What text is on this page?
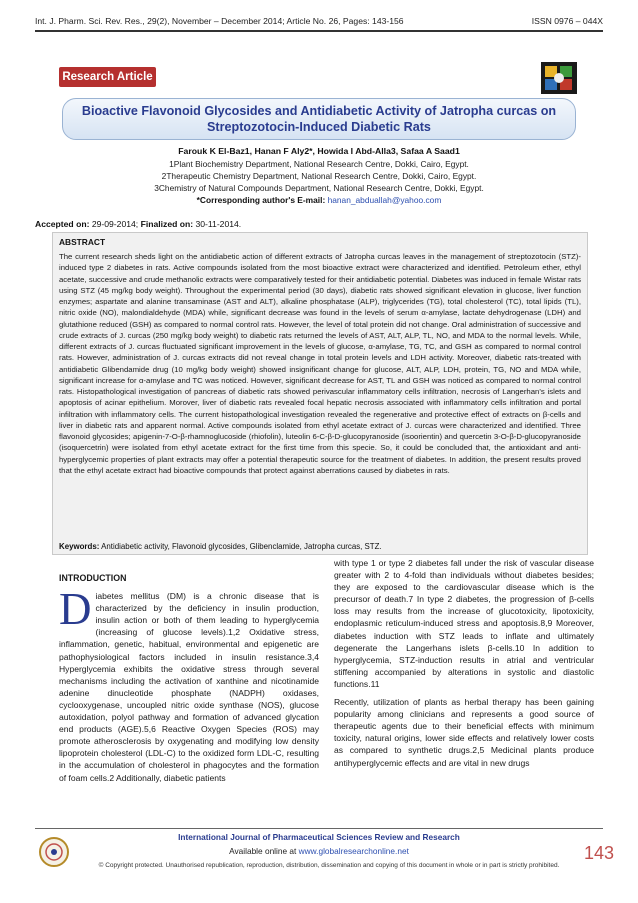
Int. J. Pharm. Sci. Rev. Res., 29(2), November – December 2014; Article No. 26, Pages: 143-156	ISSN 0976 – 044X
Research Article
Bioactive Flavonoid Glycosides and Antidiabetic Activity of Jatropha curcas on Streptozotocin-Induced Diabetic Rats
Farouk K El-Baz1, Hanan F Aly2*, Howida I Abd-Alla3, Safaa A Saad1
1Plant Biochemistry Department, National Research Centre, Dokki, Cairo, Egypt.
2Therapeutic Chemistry Department, National Research Centre, Dokki, Cairo, Egypt.
3Chemistry of Natural Compounds Department, National Research Centre, Dokki, Egypt.
*Corresponding author's E-mail: hanan_abduallah@yahoo.com
Accepted on: 29-09-2014; Finalized on: 30-11-2014.
ABSTRACT
The current research sheds light on the antidiabetic action of different extracts of Jatropha curcas leaves in the management of streptozotocin (STZ)-induced type 2 diabetes in rats. Active compounds isolated from the most bioactive extract were characterized and identified. Petroleum ether, ethyl acetate, successive and crude methanolic extracts were comparatively tested for their antidiabetic potential. Diabetes was induced in female Wistar rats using STZ (45 mg/kg body weight). Throughout the experimental period (30 days), diabetic rats showed significant elevation in glucose, liver function enzymes; aspartate and alanine transaminase (AST and ALT), alkaline phosphatase (ALP), triglycerides (TG), total cholesterol (TC), total lipids (TL), nitric oxide (NO), malondialdehyde (MDA) while, significant decrease was found in the levels of serum α-amylase, lactate dehydrogenase (LDH) and glutathione reduced (GSH) as compared to normal control rats. However, the level of total protein did not change. Oral administration of successive and crude extracts of J. curcas (250 mg/kg body weight) to diabetic rats returned the levels of AST, ALT, ALP, TL, NO, and MDA to the normal levels. While, different extracts of J. curcas fluctuated significant improvement in the levels of glucose, α-amylase, TG, TC, and GSH as compared to normal control rats. However, administration of J. curcas extracts did not reveal change in total protein levels and LDH activity. Moreover, diabetic rats-treated with antidiabetic Glibendamide drug (10 mg/kg body weight) showed insignificant change for glucose, ALT, ALP, LDH, protein, TG, NO and MDA while, significant increase for α-amylase and TC was noticed. However, significant decrease for AST, TL and GSH was noticed as compared to normal control rats. Histopathological investigation of pancreas of diabetic rats showed perivascular inflammatory cells infiltration, necrosis of Langerhan's islets and apoptosis of acinar epithelium. Morover, liver of diabetic rats revealed focal hepatic necrosis associated with inflammatory cells infiltration and portal infiltration with inflammatory cells. The current histopathological investigation revealed the regenerative and protective effect of extracts on β-cells and liver in diabetic rats and apparent normal. Active compounds isolated from ethyl acetate extract of J. curcas were characterized and identified. Three flavonoid glycosides; apigenin-7-O-β-rhamnoglucoside (rhiofolin), luteolin 6-C-β-D-glucopyranoside (isoorientin) and quercetin 3-O-β-D-glucopyranoside (isoquercetrin) were isolated from ethyl acetate extract for the first time from this specie. So, it could be concluded that, the antioxidant and anti-hyperglycemic properties of plant extracts may offer a potential therapeutic source for the treatment of diabetes. In addition, the present results proved that the ethyl acetate extract had bioactive compounds that protect against aberrations caused by diabetes in rats.
Keywords: Antidiabetic activity, Flavonoid glycosides, Glibenclamide, Jatropha curcas, STZ.
INTRODUCTION
D iabetes mellitus (DM) is a chronic disease that is characterized by the deficiency in insulin production, insulin action or both of them leading to hyperglycemia (increasing of glucose levels).1,2 Oxidative stress, inflammation, genetic, habitual, environmental and epigenetic are pathophysiological factors included in insulin resistance.3,4 Hyperglycemia exhibits the oxidative stress through several mechanisms including the activation of xanthine and nicotinamide adenine dinucleotide phosphate (NADPH) oxidases, cyclooxygenase, uncoupled nitric oxide synthase (NOS), glucose autoxidation, polyol pathway and formation of advanced glycation end products (AGE).5,6 Reactive Oxygen Species (ROS) may promote atherosclerosis by oxygenating and modifying low density lipoprotein cholesterol (LDL-C) to the oxidized form LDL-C, resulting in the accumulation of cholesterol in phagocytes and the formation of foam cells.2 Additionally, diabetic patients
with type 1 or type 2 diabetes fall under the risk of vascular disease greater with 2 to 4-fold than individuals without diabetes besides; they are exposed to the cardiovascular disease which is the precursor of death.7 In type 2 diabetes, the progression of β-cells loss may results from the increase of glucotoxicity, lipotoxicity, endoplasmic reticulum-induced stress and apoptosis.8,9 Moreover, diabetes induction with STZ leads to inflate and ultimately degenerate the Langerhans islets β-cells.10 In addition to hyperglycemia, STZ-induction results in atrial and ventricular stiffening accompanied by alterations in systolic and diastolic functions.11
Recently, utilization of plants as herbal therapy has been gaining popularity among clinicians and represents a good source of therapeutic agents due to their beneficial effects with minimum toxicity, natural origins, lower side effects and relatively lower costs as compared to synthetic drugs.2,5 Medicinal plants produce antihyperglycemic effects and are vital in new drugs
International Journal of Pharmaceutical Sciences Review and Research
Available online at www.globalresearchonline.net
© Copyright protected. Unauthorised republication, reproduction, distribution, dissemination and copying of this document in whole or in part is strictly prohibited.
143
